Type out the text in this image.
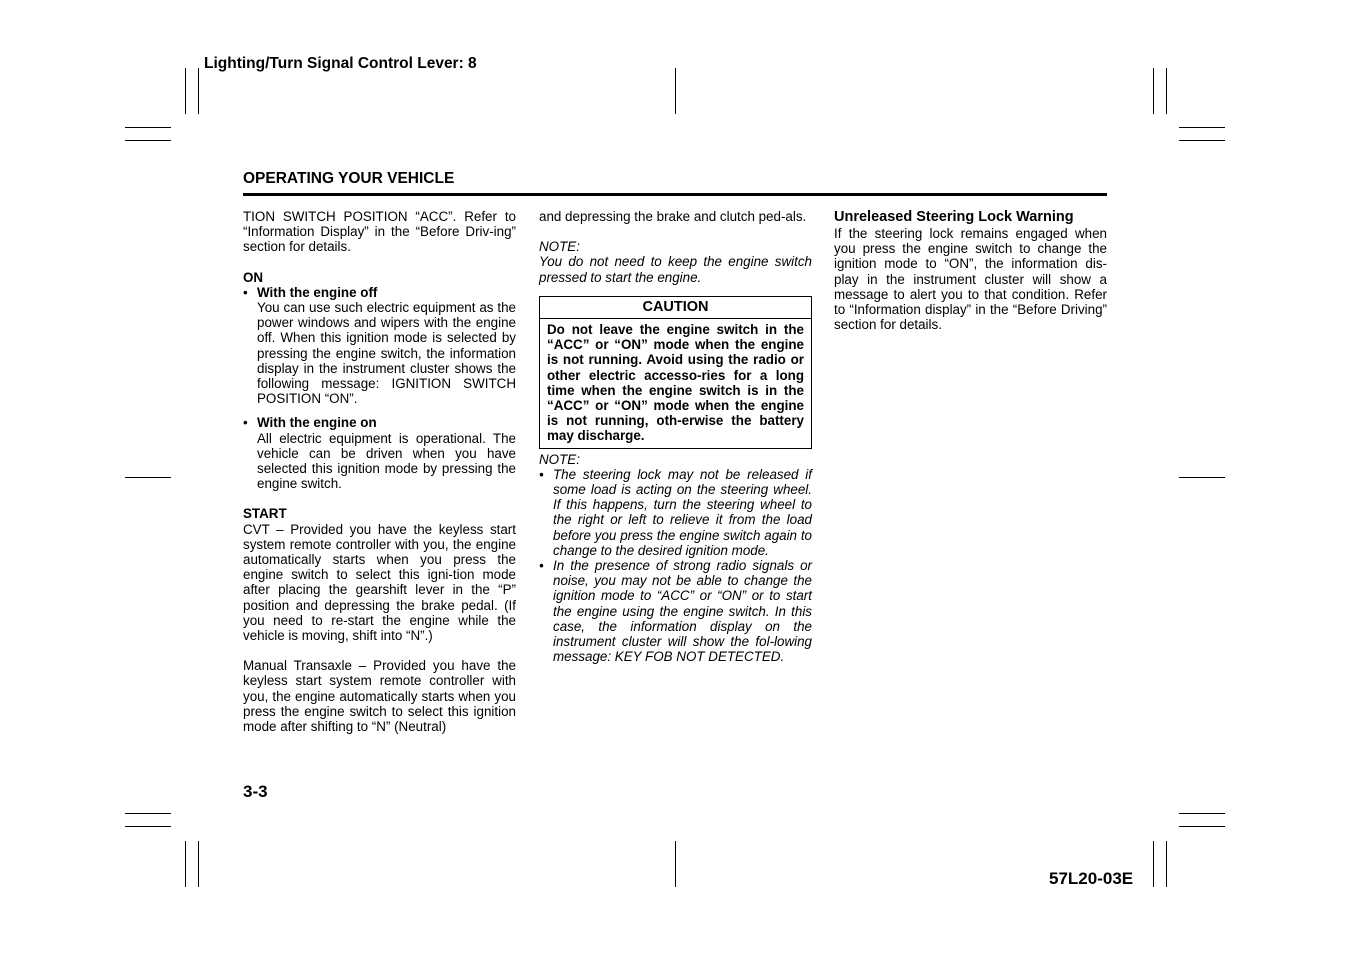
Lighting/Turn Signal Control Lever: 8
OPERATING YOUR VEHICLE

TION SWITCH POSITION “ACC”. Refer to “Information Display” in the “Before Driv-ing” section for details.

ON

• With the engine off

You can use such electric equipment as the power windows and wipers with the engine off. When this ignition mode is selected by pressing the engine switch, the information display in the instrument cluster shows the following message: IGNITION SWITCH POSITION “ON”.

• With the engine on

All electric equipment is operational. The vehicle can be driven when you have selected this ignition mode by pressing the engine switch.

START

CVT – Provided you have the keyless start system remote controller with you, the engine automatically starts when you press the engine switch to select this igni-tion mode after placing the gearshift lever in the “P” position and depressing the brake pedal. (If you need to re-start the engine while the vehicle is moving, shift into “N”.)

Manual Transaxle – Provided you have the keyless start system remote controller with you, the engine automatically starts when you press the engine switch to select this ignition mode after shifting to “N” (Neutral)

and depressing the brake and clutch ped-als.

NOTE:

You do not need to keep the engine switch pressed to start the engine.

CAUTION

Do not leave the engine switch in the “ACC” or “ON” mode when the engine is not running. Avoid using the radio or other electric accesso-ries for a long time when the engine switch is in the “ACC” or “ON” mode when the engine is not running, oth-erwise the battery may discharge.

NOTE:

• The steering lock may not be released if some load is acting on the steering wheel. If this happens, turn the steering wheel to the right or left to relieve it from the load before you press the engine switch again to change to the desired ignition mode.

• In the presence of strong radio signals or noise, you may not be able to change the ignition mode to “ACC” or “ON” or to start the engine using the engine switch. In this case, the information display on the instrument cluster will show the fol-lowing message: KEY FOB NOT DETECTED.

Unreleased Steering Lock Warning

If the steering lock remains engaged when you press the engine switch to change the ignition mode to “ON”, the information dis-play in the instrument cluster will show a message to alert you to that condition. Refer to “Information display” in the “Before Driving” section for details.

3-3
57L20-03E
